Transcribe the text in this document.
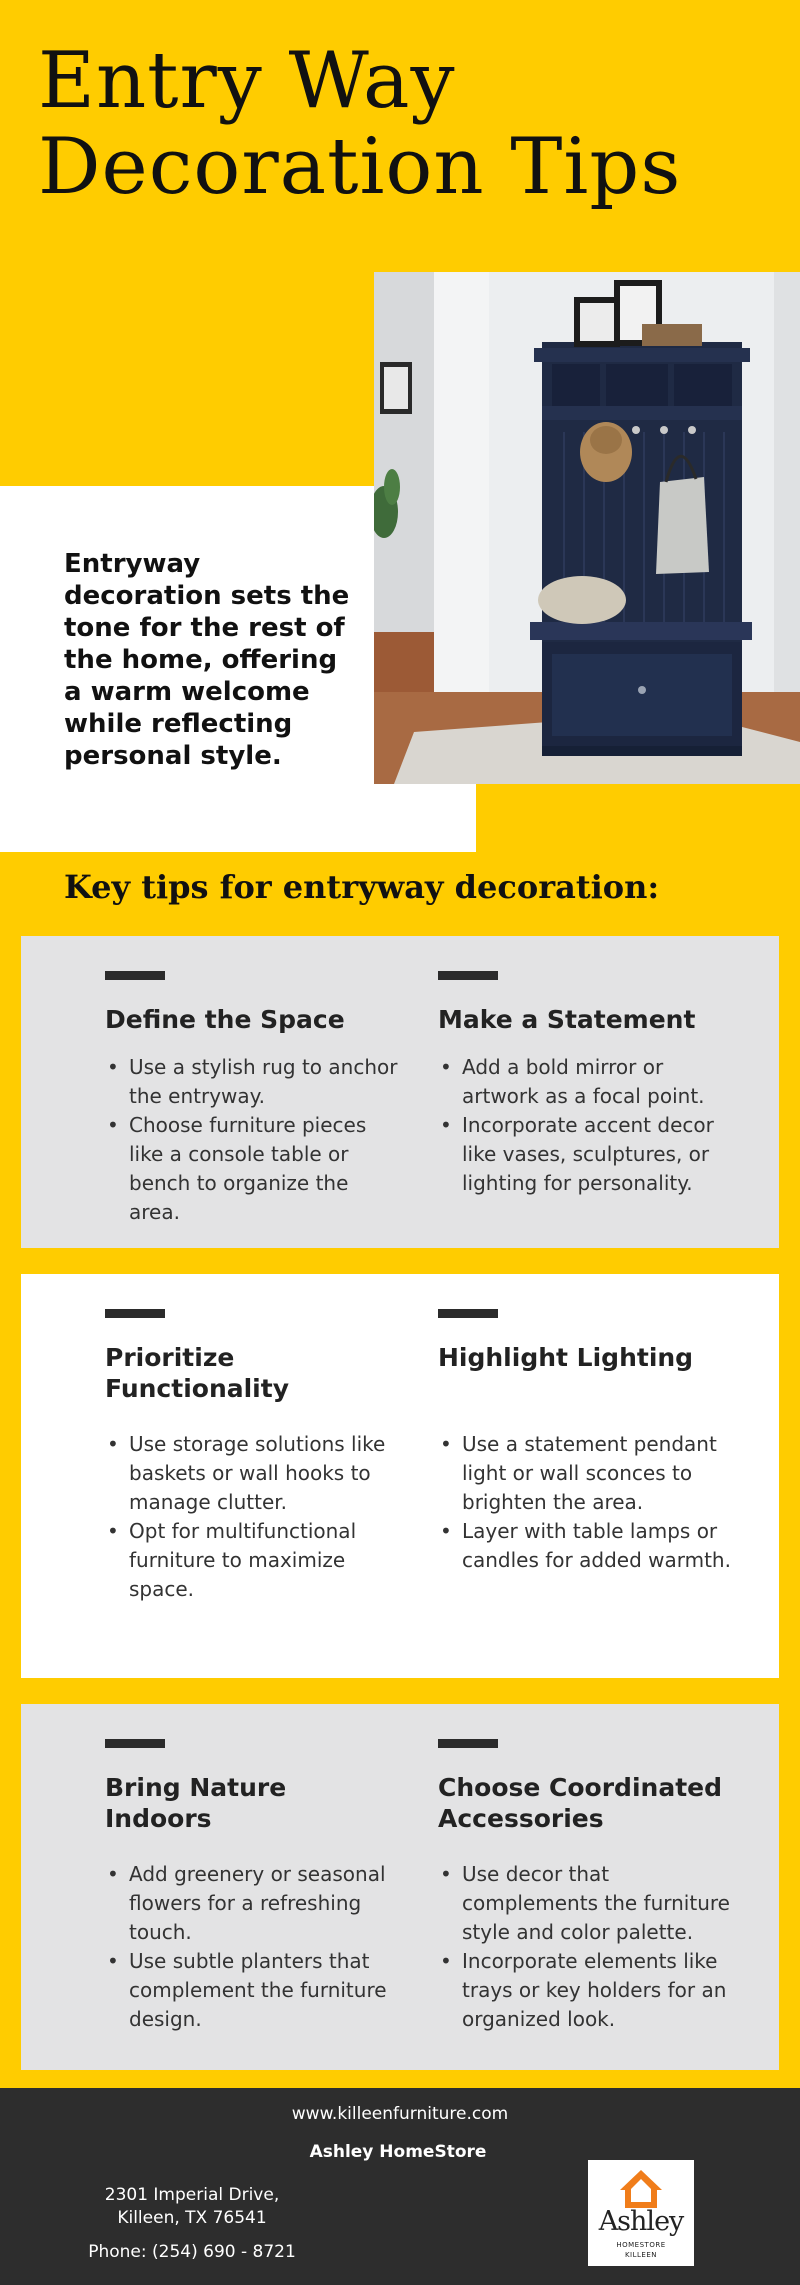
Entry Way
Decoration Tips

Entryway decoration sets the tone for the rest of the home, offering a warm welcome while reflecting personal style.

Key tips for entryway decoration:
Define the Space
• Use a stylish rug to anchor the entryway.
• Choose furniture pieces like a console table or bench to organize the area.
Make a Statement
• Add a bold mirror or artwork as a focal point.
• Incorporate accent decor like vases, sculptures, or lighting for personality.
Prioritize Functionality
• Use storage solutions like baskets or wall hooks to manage clutter.
• Opt for multifunctional furniture to maximize space.
Highlight Lighting
• Use a statement pendant light or wall sconces to brighten the area.
• Layer with table lamps or candles for added warmth.
Bring Nature Indoors
• Add greenery or seasonal flowers for a refreshing touch.
• Use subtle planters that complement the furniture design.
Choose Coordinated Accessories
• Use decor that complements the furniture style and color palette.
• Incorporate elements like trays or key holders for an organized look.
www.killeenfurniture.com
Ashley HomeStore
2301 Imperial Drive,
Killeen, TX 76541
Phone: (254) 690 - 8721
Ashley
HOMESTORE
KILLEEN
